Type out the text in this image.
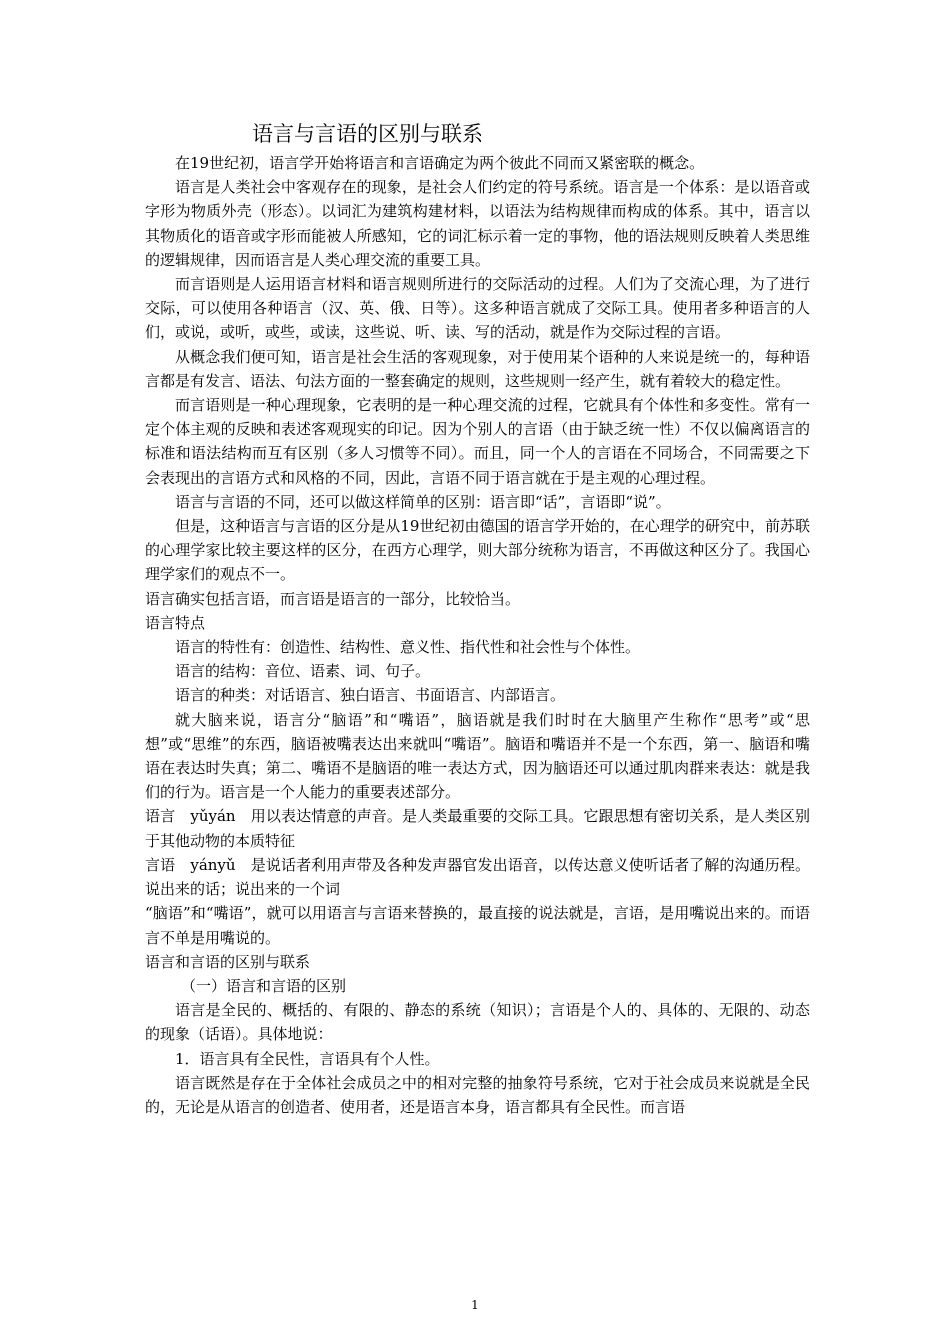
语言与言语的区别与联系

在19世纪初，语言学开始将语言和言语确定为两个彼此不同而又紧密联的概念。

语言是人类社会中客观存在的现象，是社会人们约定的符号系统。语言是一个体系：是以语音或字形为物质外壳（形态）。以词汇为建筑构建材料，以语法为结构规律而构成的体系。其中，语言以其物质化的语音或字形而能被人所感知，它的词汇标示着一定的事物，他的语法规则反映着人类思维的逻辑规律，因而语言是人类心理交流的重要工具。

而言语则是人运用语言材料和语言规则所进行的交际活动的过程。人们为了交流心理，为了进行交际，可以使用各种语言（汉、英、俄、日等）。这多种语言就成了交际工具。使用者多种语言的人们，或说，或听，或些，或读，这些说、听、读、写的活动，就是作为交际过程的言语。

从概念我们便可知，语言是社会生活的客观现象，对于使用某个语种的人来说是统一的，每种语言都是有发言、语法、句法方面的一整套确定的规则，这些规则一经产生，就有着较大的稳定性。

而言语则是一种心理现象，它表明的是一种心理交流的过程，它就具有个体性和多变性。常有一定个体主观的反映和表述客观现实的印记。因为个别人的言语（由于缺乏统一性）不仅以偏离语言的标准和语法结构而互有区别（多人习惯等不同）。而且，同一个人的言语在不同场合，不同需要之下会表现出的言语方式和风格的不同，因此，言语不同于语言就在于是主观的心理过程。

语言与言语的不同，还可以做这样简单的区别：语言即“话”，言语即“说”。

但是，这种语言与言语的区分是从19世纪初由德国的语言学开始的，在心理学的研究中，前苏联的心理学家比较主要这样的区分，在西方心理学，则大部分统称为语言，不再做这种区分了。我国心理学家们的观点不一。

语言确实包括言语，而言语是语言的一部分，比较恰当。

语言特点

语言的特性有：创造性、结构性、意义性、指代性和社会性与个体性。

语言的结构：音位、语素、词、句子。

语言的种类：对话语言、独白语言、书面语言、内部语言。

就大脑来说，语言分“脑语”和“嘴语”，脑语就是我们时时在大脑里产生称作“思考”或“思想”或“思维”的东西，脑语被嘴表达出来就叫“嘴语”。脑语和嘴语并不是一个东西，第一、脑语和嘴语在表达时失真；第二、嘴语不是脑语的唯一表达方式，因为脑语还可以通过肌肉群来表达：就是我们的行为。语言是一个人能力的重要表述部分。

语言　yǔyán　用以表达情意的声音。是人类最重要的交际工具。它跟思想有密切关系，是人类区别于其他动物的本质特征

言语　yányǔ　是说话者利用声带及各种发声器官发出语音，以传达意义使听话者了解的沟通历程。说出来的话；说出来的一个词

“脑语”和“嘴语”，就可以用语言与言语来替换的，最直接的说法就是，言语，是用嘴说出来的。而语言不单是用嘴说的。

语言和言语的区别与联系

（一）语言和言语的区别

语言是全民的、概括的、有限的、静态的系统（知识）；言语是个人的、具体的、无限的、动态的现象（话语）。具体地说：

1．语言具有全民性，言语具有个人性。

语言既然是存在于全体社会成员之中的相对完整的抽象符号系统，它对于社会成员来说就是全民的，无论是从语言的创造者、使用者，还是语言本身，语言都具有全民性。而言语

1
